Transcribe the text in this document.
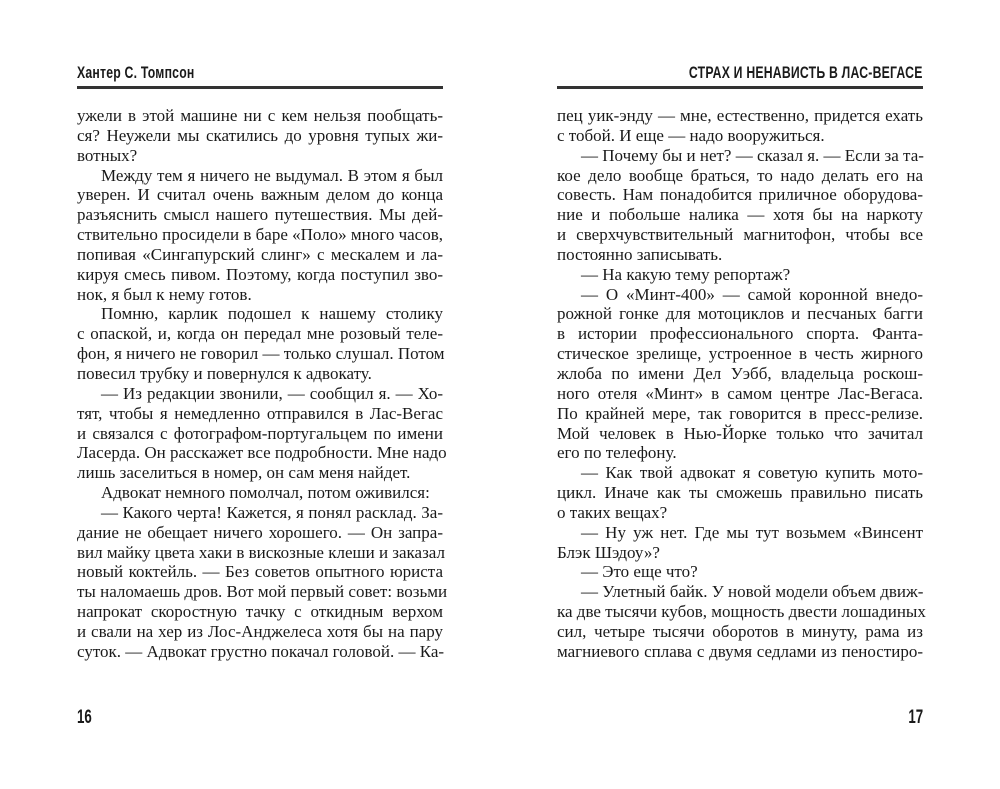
Хантер С. Томпсон
ужели в этой машине ни с кем нельзя пообщать-
ся? Неужели мы скатились до уровня тупых жи-
вотных?
Между тем я ничего не выдумал. В этом я был
уверен. И считал очень важным делом до конца
разъяснить смысл нашего путешествия. Мы дей-
ствительно просидели в баре «Поло» много часов,
попивая «Сингапурский слинг» с мескалем и ла-
кируя смесь пивом. Поэтому, когда поступил зво-
нок, я был к нему готов.
Помню, карлик подошел к нашему столику
с опаской, и, когда он передал мне розовый теле-
фон, я ничего не говорил — только слушал. Потом
повесил трубку и повернулся к адвокату.
— Из редакции звонили, — сообщил я. — Хо-
тят, чтобы я немедленно отправился в Лас-Вегас
и связался с фотографом-португальцем по имени
Ласерда. Он расскажет все подробности. Мне надо
лишь заселиться в номер, он сам меня найдет.
Адвокат немного помолчал, потом оживился:
— Какого черта! Кажется, я понял расклад. За-
дание не обещает ничего хорошего. — Он запра-
вил майку цвета хаки в вискозные клеши и заказал
новый коктейль. — Без советов опытного юриста
ты наломаешь дров. Вот мой первый совет: возьми
напрокат скоростную тачку с откидным верхом
и свали на хер из Лос-Анджелеса хотя бы на пару
суток. — Адвокат грустно покачал головой. — Ка-
16
СТРАХ И НЕНАВИСТЬ В ЛАС-ВЕГАСЕ
пец уик-энду — мне, естественно, придется ехать
с тобой. И еще — надо вооружиться.
— Почему бы и нет? — сказал я. — Если за та-
кое дело вообще браться, то надо делать его на
совесть. Нам понадобится приличное оборудова-
ние и побольше налика — хотя бы на наркоту
и сверхчувствительный магнитофон, чтобы все
постоянно записывать.
— На какую тему репортаж?
— О «Минт-400» — самой коронной внедо-
рожной гонке для мотоциклов и песчаных багги
в истории профессионального спорта. Фанта-
стическое зрелище, устроенное в честь жирного
жлоба по имени Дел Уэбб, владельца роскош-
ного отеля «Минт» в самом центре Лас-Вегаса.
По крайней мере, так говорится в пресс-релизе.
Мой человек в Нью-Йорке только что зачитал
его по телефону.
— Как твой адвокат я советую купить мото-
цикл. Иначе как ты сможешь правильно писать
о таких вещах?
— Ну уж нет. Где мы тут возьмем «Винсент
Блэк Шэдоу»?
— Это еще что?
— Улетный байк. У новой модели объем движ-
ка две тысячи кубов, мощность двести лошадиных
сил, четыре тысячи оборотов в минуту, рама из
магниевого сплава с двумя седлами из пеностиро-
17
